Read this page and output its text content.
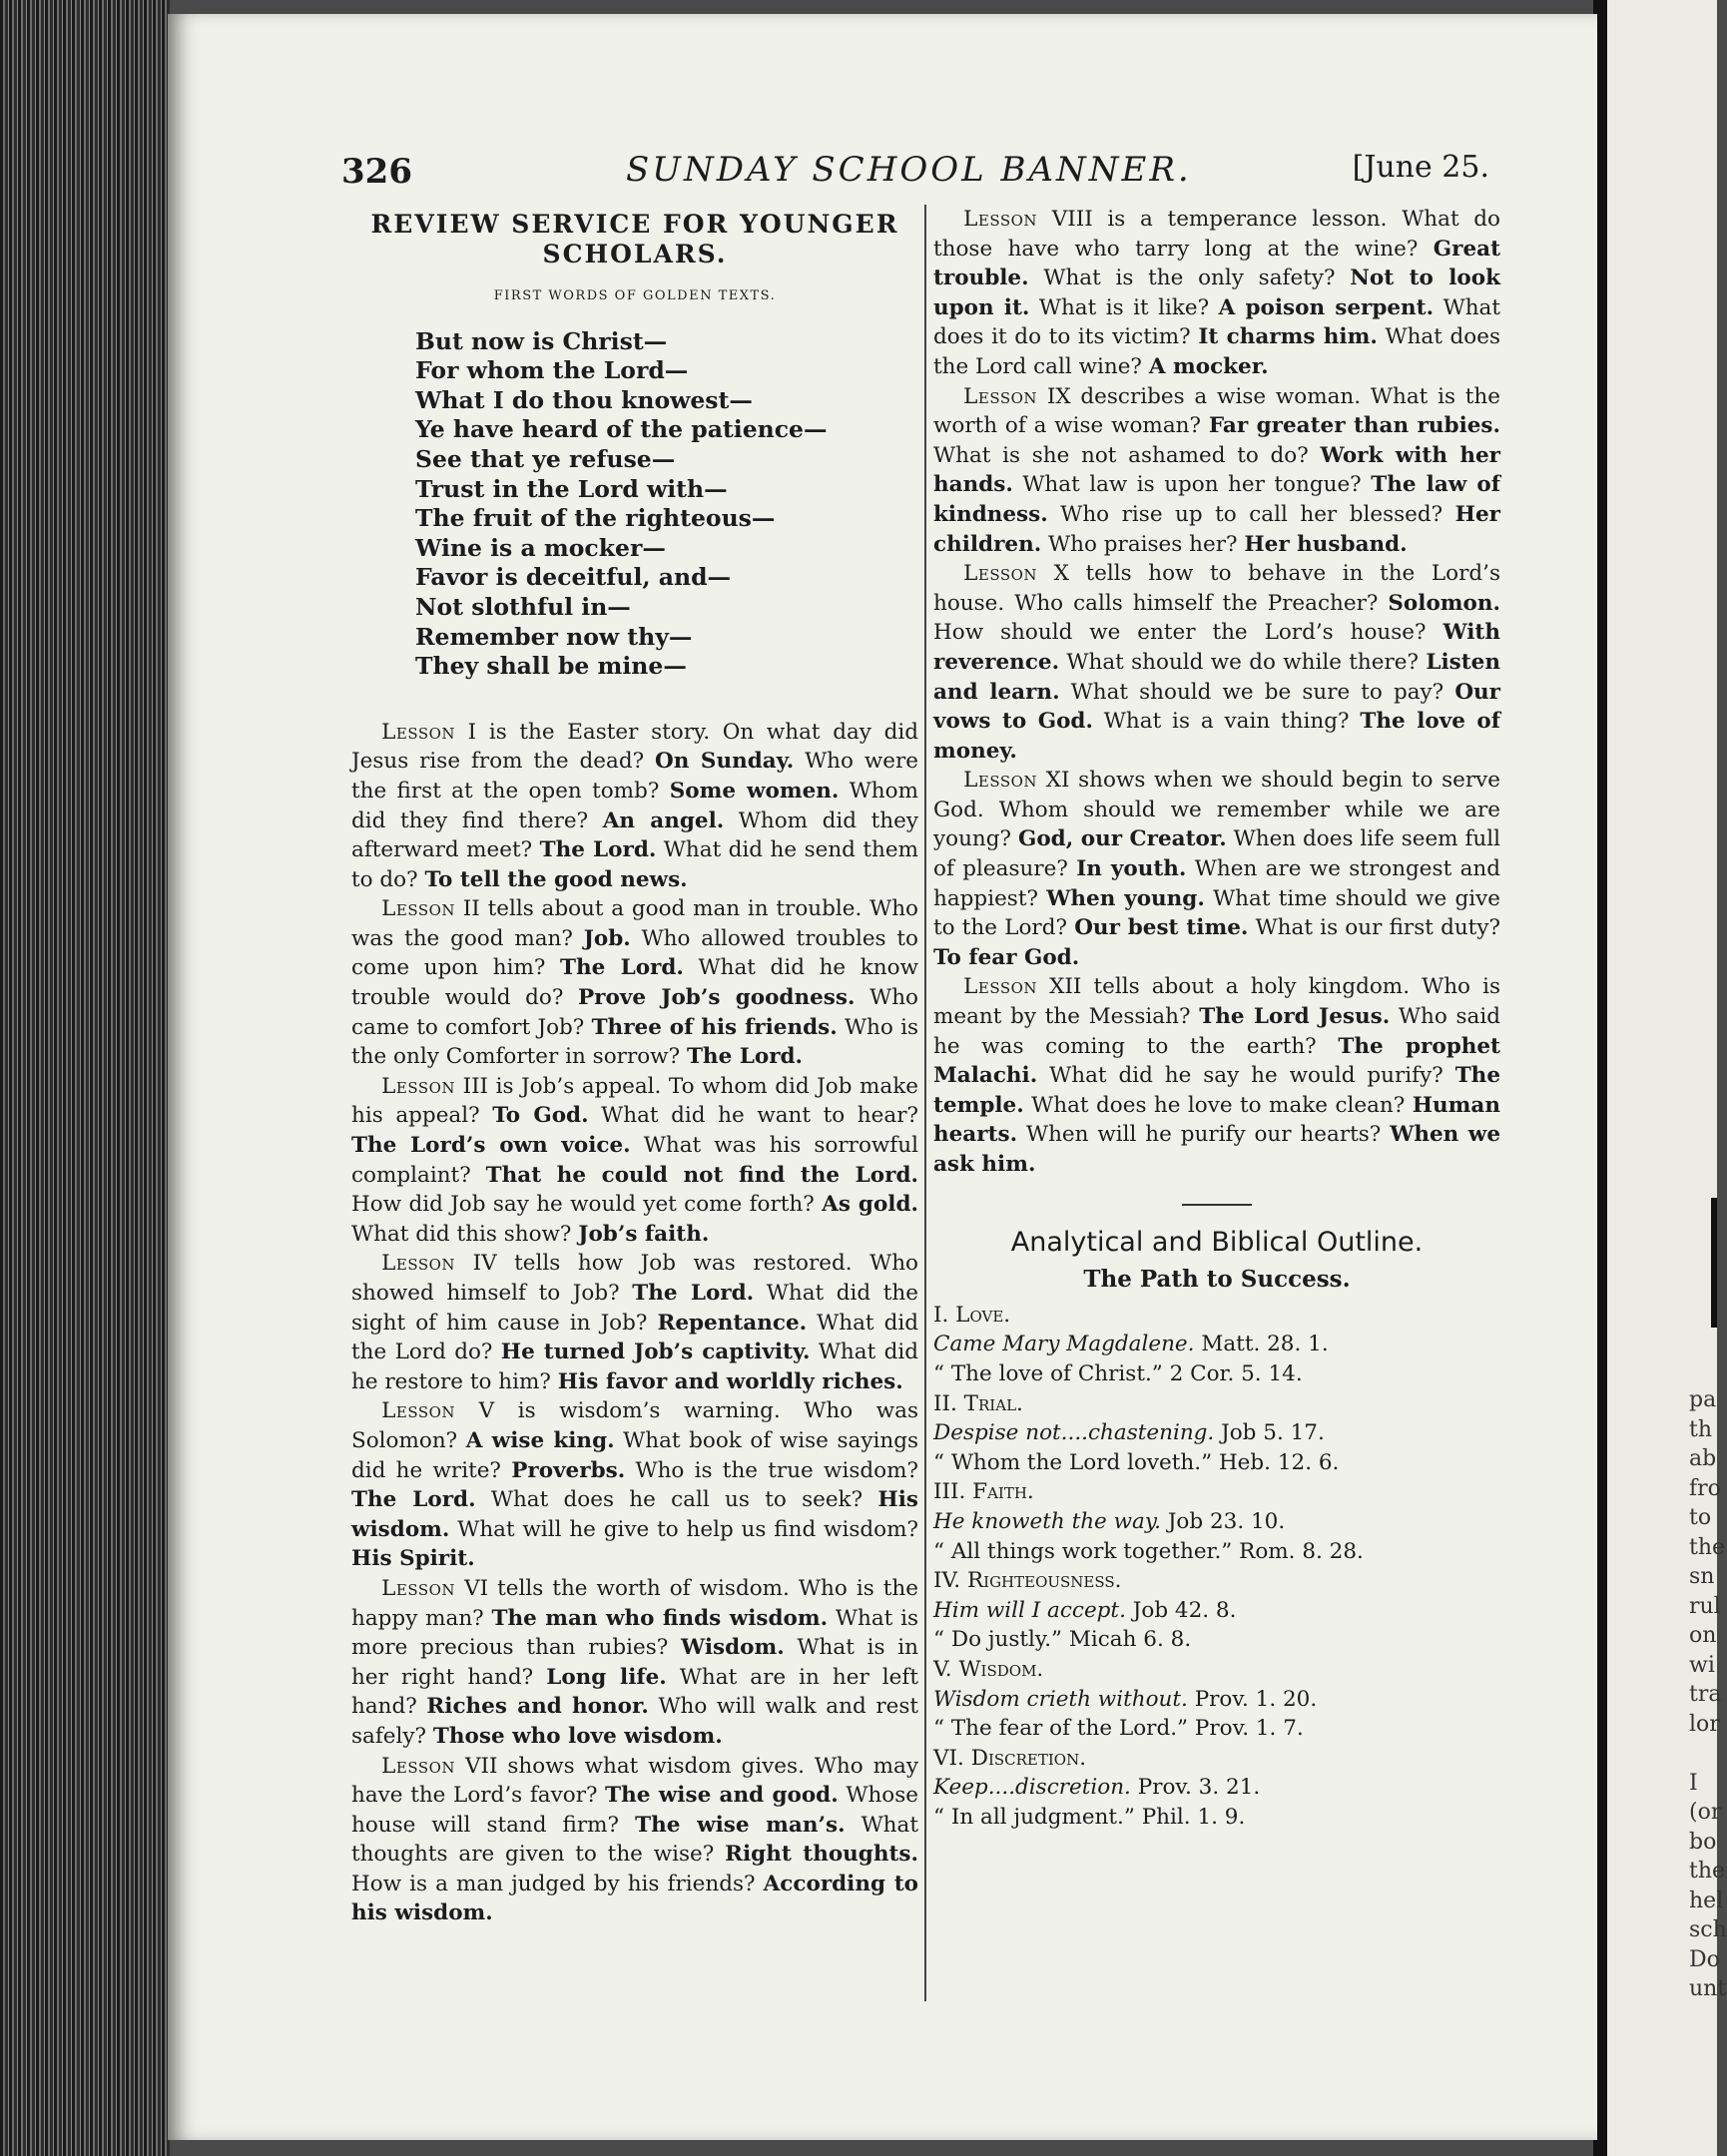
pa
th
ab
fro
to
the
sn
rul
on
wi
tra
lor
I
(or
bo
the
hel
sch
Do
unt
326	SUNDAY SCHOOL BANNER.	[June 25.
REVIEW SERVICE FOR YOUNGER SCHOLARS.
FIRST WORDS OF GOLDEN TEXTS.
But now is Christ—
For whom the Lord—
What I do thou knowest—
Ye have heard of the patience—
See that ye refuse—
Trust in the Lord with—
The fruit of the righteous—
Wine is a mocker—
Favor is deceitful, and—
Not slothful in—
Remember now thy—
They shall be mine—

Lesson I is the Easter story. On what day did Jesus rise from the dead? On Sunday. Who were the first at the open tomb? Some women. Whom did they find there? An angel. Whom did they afterward meet? The Lord. What did he send them to do? To tell the good news.

Lesson II tells about a good man in trouble. Who was the good man? Job. Who allowed troubles to come upon him? The Lord. What did he know trouble would do? Prove Job’s goodness. Who came to comfort Job? Three of his friends. Who is the only Comforter in sorrow? The Lord.

Lesson III is Job’s appeal. To whom did Job make his appeal? To God. What did he want to hear? The Lord’s own voice. What was his sorrowful complaint? That he could not find the Lord. How did Job say he would yet come forth? As gold. What did this show? Job’s faith.

Lesson IV tells how Job was restored. Who showed himself to Job? The Lord. What did the sight of him cause in Job? Repentance. What did the Lord do? He turned Job’s captivity. What did he restore to him? His favor and worldly riches.

Lesson V is wisdom’s warning. Who was Solomon? A wise king. What book of wise sayings did he write? Proverbs. Who is the true wisdom? The Lord. What does he call us to seek? His wisdom. What will he give to help us find wisdom? His Spirit.

Lesson VI tells the worth of wisdom. Who is the happy man? The man who finds wisdom. What is more precious than rubies? Wisdom. What is in her right hand? Long life. What are in her left hand? Riches and honor. Who will walk and rest safely? Those who love wisdom.

Lesson VII shows what wisdom gives. Who may have the Lord’s favor? The wise and good. Whose house will stand firm? The wise man’s. What thoughts are given to the wise? Right thoughts. How is a man judged by his friends? According to his wisdom.

Lesson VIII is a temperance lesson. What do those have who tarry long at the wine? Great trouble. What is the only safety? Not to look upon it. What is it like? A poison serpent. What does it do to its victim? It charms him. What does the Lord call wine? A mocker.

Lesson IX describes a wise woman. What is the worth of a wise woman? Far greater than rubies. What is she not ashamed to do? Work with her hands. What law is upon her tongue? The law of kindness. Who rise up to call her blessed? Her children. Who praises her? Her husband.

Lesson X tells how to behave in the Lord’s house. Who calls himself the Preacher? Solomon. How should we enter the Lord’s house? With reverence. What should we do while there? Listen and learn. What should we be sure to pay? Our vows to God. What is a vain thing? The love of money.

Lesson XI shows when we should begin to serve God. Whom should we remember while we are young? God, our Creator. When does life seem full of pleasure? In youth. When are we strongest and happiest? When young. What time should we give to the Lord? Our best time. What is our first duty? To fear God.

Lesson XII tells about a holy kingdom. Who is meant by the Messiah? The Lord Jesus. Who said he was coming to the earth? The prophet Malachi. What did he say he would purify? The temple. What does he love to make clean? Human hearts. When will he purify our hearts? When we ask him.

Analytical and Biblical Outline.
The Path to Success.

I. Love.

Came Mary Magdalene. Matt. 28. 1.

“ The love of Christ.” 2 Cor. 5. 14.

II. Trial.

Despise not....chastening. Job 5. 17.

“ Whom the Lord loveth.” Heb. 12. 6.

III. Faith.

He knoweth the way. Job 23. 10.

“ All things work together.” Rom. 8. 28.

IV. Righteousness.

Him will I accept. Job 42. 8.

“ Do justly.” Micah 6. 8.

V. Wisdom.

Wisdom crieth without. Prov. 1. 20.

“ The fear of the Lord.” Prov. 1. 7.

VI. Discretion.

Keep....discretion. Prov. 3. 21.

“ In all judgment.” Phil. 1. 9.
